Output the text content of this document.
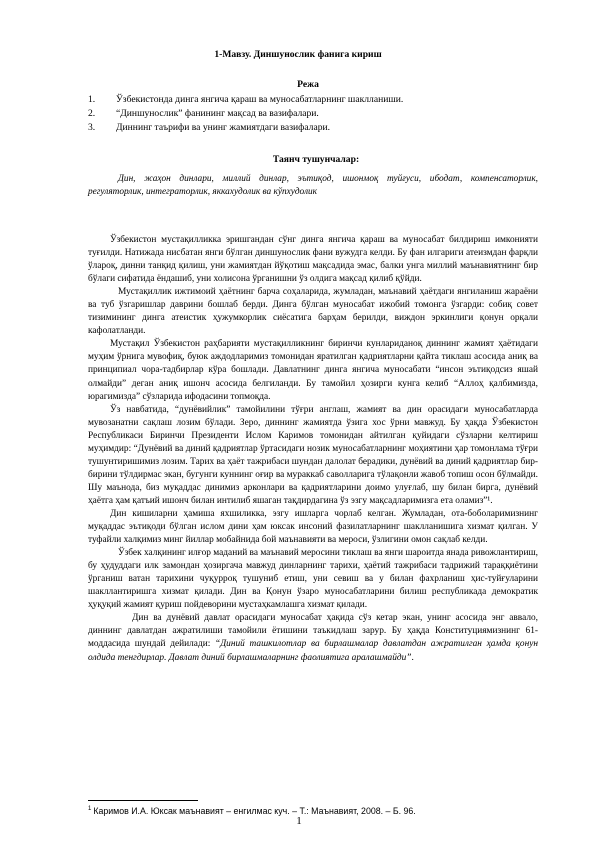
1-Мавзу. Диншунослик фанига кириш
Режа
1.	Ўзбекистонда динга янгича қараш ва муносабатларнинг шаклланиши.
2.	“Диншунослик” фанининг мақсад ва вазифалари.
3.	Диннинг таърифи ва унинг жамиятдаги вазифалари.
Таянч тушунчалар:
Дин, жаҳон динлари, миллий динлар, эътиқод, ишонмоқ туйғуси, ибодат, компенсаторлик, регуляторлик, интеграторлик, яккахудолик ва кўпхудолик

Ўзбекистон мустақилликка эришгандан сўнг динга янгича қараш ва муносабат билдириш имконияти туғилди. Натижада нисбатан янги бўлган диншунослик фани вужудга келди. Бу фан илгариги атеизмдан фарқли ўлароқ, динни танқид қилиш, уни жамиятдан йўқотиш мақсадида эмас, балки унга миллий маънавиятнинг бир бўлаги сифатида ёндашиб, уни холисона ўрганишни ўз олдига мақсад қилиб қўйди.

Мустақиллик ижтимоий ҳаётнинг барча соҳаларида, жумладан, маънавий ҳаётдаги янгиланиш жараёни ва туб ўзгаришлар даврини бошлаб берди. Динга бўлган муносабат ижобий томонга ўзгарди: собиқ совет тизимининг динга атеистик ҳужумкорлик сиёсатига барҳам берилди, виждон эркинлиги қонун орқали кафолатланди.

Мустақил Ўзбекистон раҳбарияти мустақилликнинг биринчи кунлариданоқ диннинг жамият ҳаётидаги муҳим ўрнига мувофиқ, буюк аждодларимиз томонидан яратилган қадриятларни қайта тиклаш асосида аниқ ва принципиал чора-тадбирлар кўра бошлади. Давлатнинг динга янгича муносабати “инсон эътиқодсиз яшай олмайди” деган аниқ ишонч асосида белгиланди. Бу тамойил ҳозирги кунга келиб “Аллоҳ қалбимизда, юрагимизда” сўзларида ифодасини топмоқда.

Ўз навбатида, “дунёвийлик” тамойилини тўғри англаш, жамият ва дин орасидаги муносабатларда мувозанатни сақлаш лозим бўлади. Зеро, диннинг жамиятда ўзига хос ўрни мавжуд. Бу ҳақда Ўзбекистон Республикаси Биринчи Президенти Ислом Каримов томонидан айтилган қуйидаги сўзларни келтириш муҳимдир: “Дунёвий ва диний қадриятлар ўртасидаги нозик муносабатларнинг моҳиятини ҳар томонлама тўғри тушунтиришимиз лозим. Тарих ва ҳаёт тажрибаси шундан далолат берадики, дунёвий ва диний қадриятлар бир-бирини тўлдирмас экан, бугунги куннинг оғир ва мураккаб саволларига тўлақонли жавоб топиш осон бўлмайди. Шу маънода, биз муқаддас динимиз арконлари ва қадриятларини доимо улуғлаб, шу билан бирга, дунёвий ҳаётга ҳам қатъий ишонч билан интилиб яшаган тақдирдагина ўз эзгу мақсадларимизга ета оламиз”¹.

Дин кишиларни ҳамиша яхшиликка, эзгу ишларга чорлаб келган. Жумладан, ота-боболаримизнинг муқаддас эътиқоди бўлган ислом дини ҳам юксак инсоний фазилатларнинг шаклланишига хизмат қилган. У туфайли халқимиз минг йиллар мобайнида бой маънавияти ва мероси, ўзлигини омон сақлаб келди.

Ўзбек халқининг илғор маданий ва маънавий меросини тиклаш ва янги шароитда янада ривожлантириш, бу ҳудуддаги илк замондан ҳозиргача мавжуд динларнинг тарихи, ҳаётий тажрибаси тадрижий тараққиётини ўрганиш ватан тарихини чуқурроқ тушуниб етиш, уни севиш ва у билан фахрланиш ҳис-туйғуларини шакллантиришга хизмат қилади. Дин ва Қонун ўзаро муносабатларини билиш республикада демократик ҳуқуқий жамият қуриш пойдеворини мустаҳкамлашга хизмат қилади.

Дин ва дунёвий давлат орасидаги муносабат ҳақида сўз кетар экан, унинг асосида энг аввало, диннинг давлатдан ажратилиши тамойили ётишини таъкидлаш зарур. Бу ҳақда Конституциямизнинг 61-моддасида шундай дейилади: “Диний ташкилотлар ва бирлашмалар давлатдан ажратилган ҳамда қонун олдида тенгдирлар. Давлат диний бирлашмаларнинг фаолиятига аралашмайди”.

$^1$ Каримов И.А. Юксак маънавият – енгилмас куч. – Т.: Маънавият, 2008. – Б. 96.
1
